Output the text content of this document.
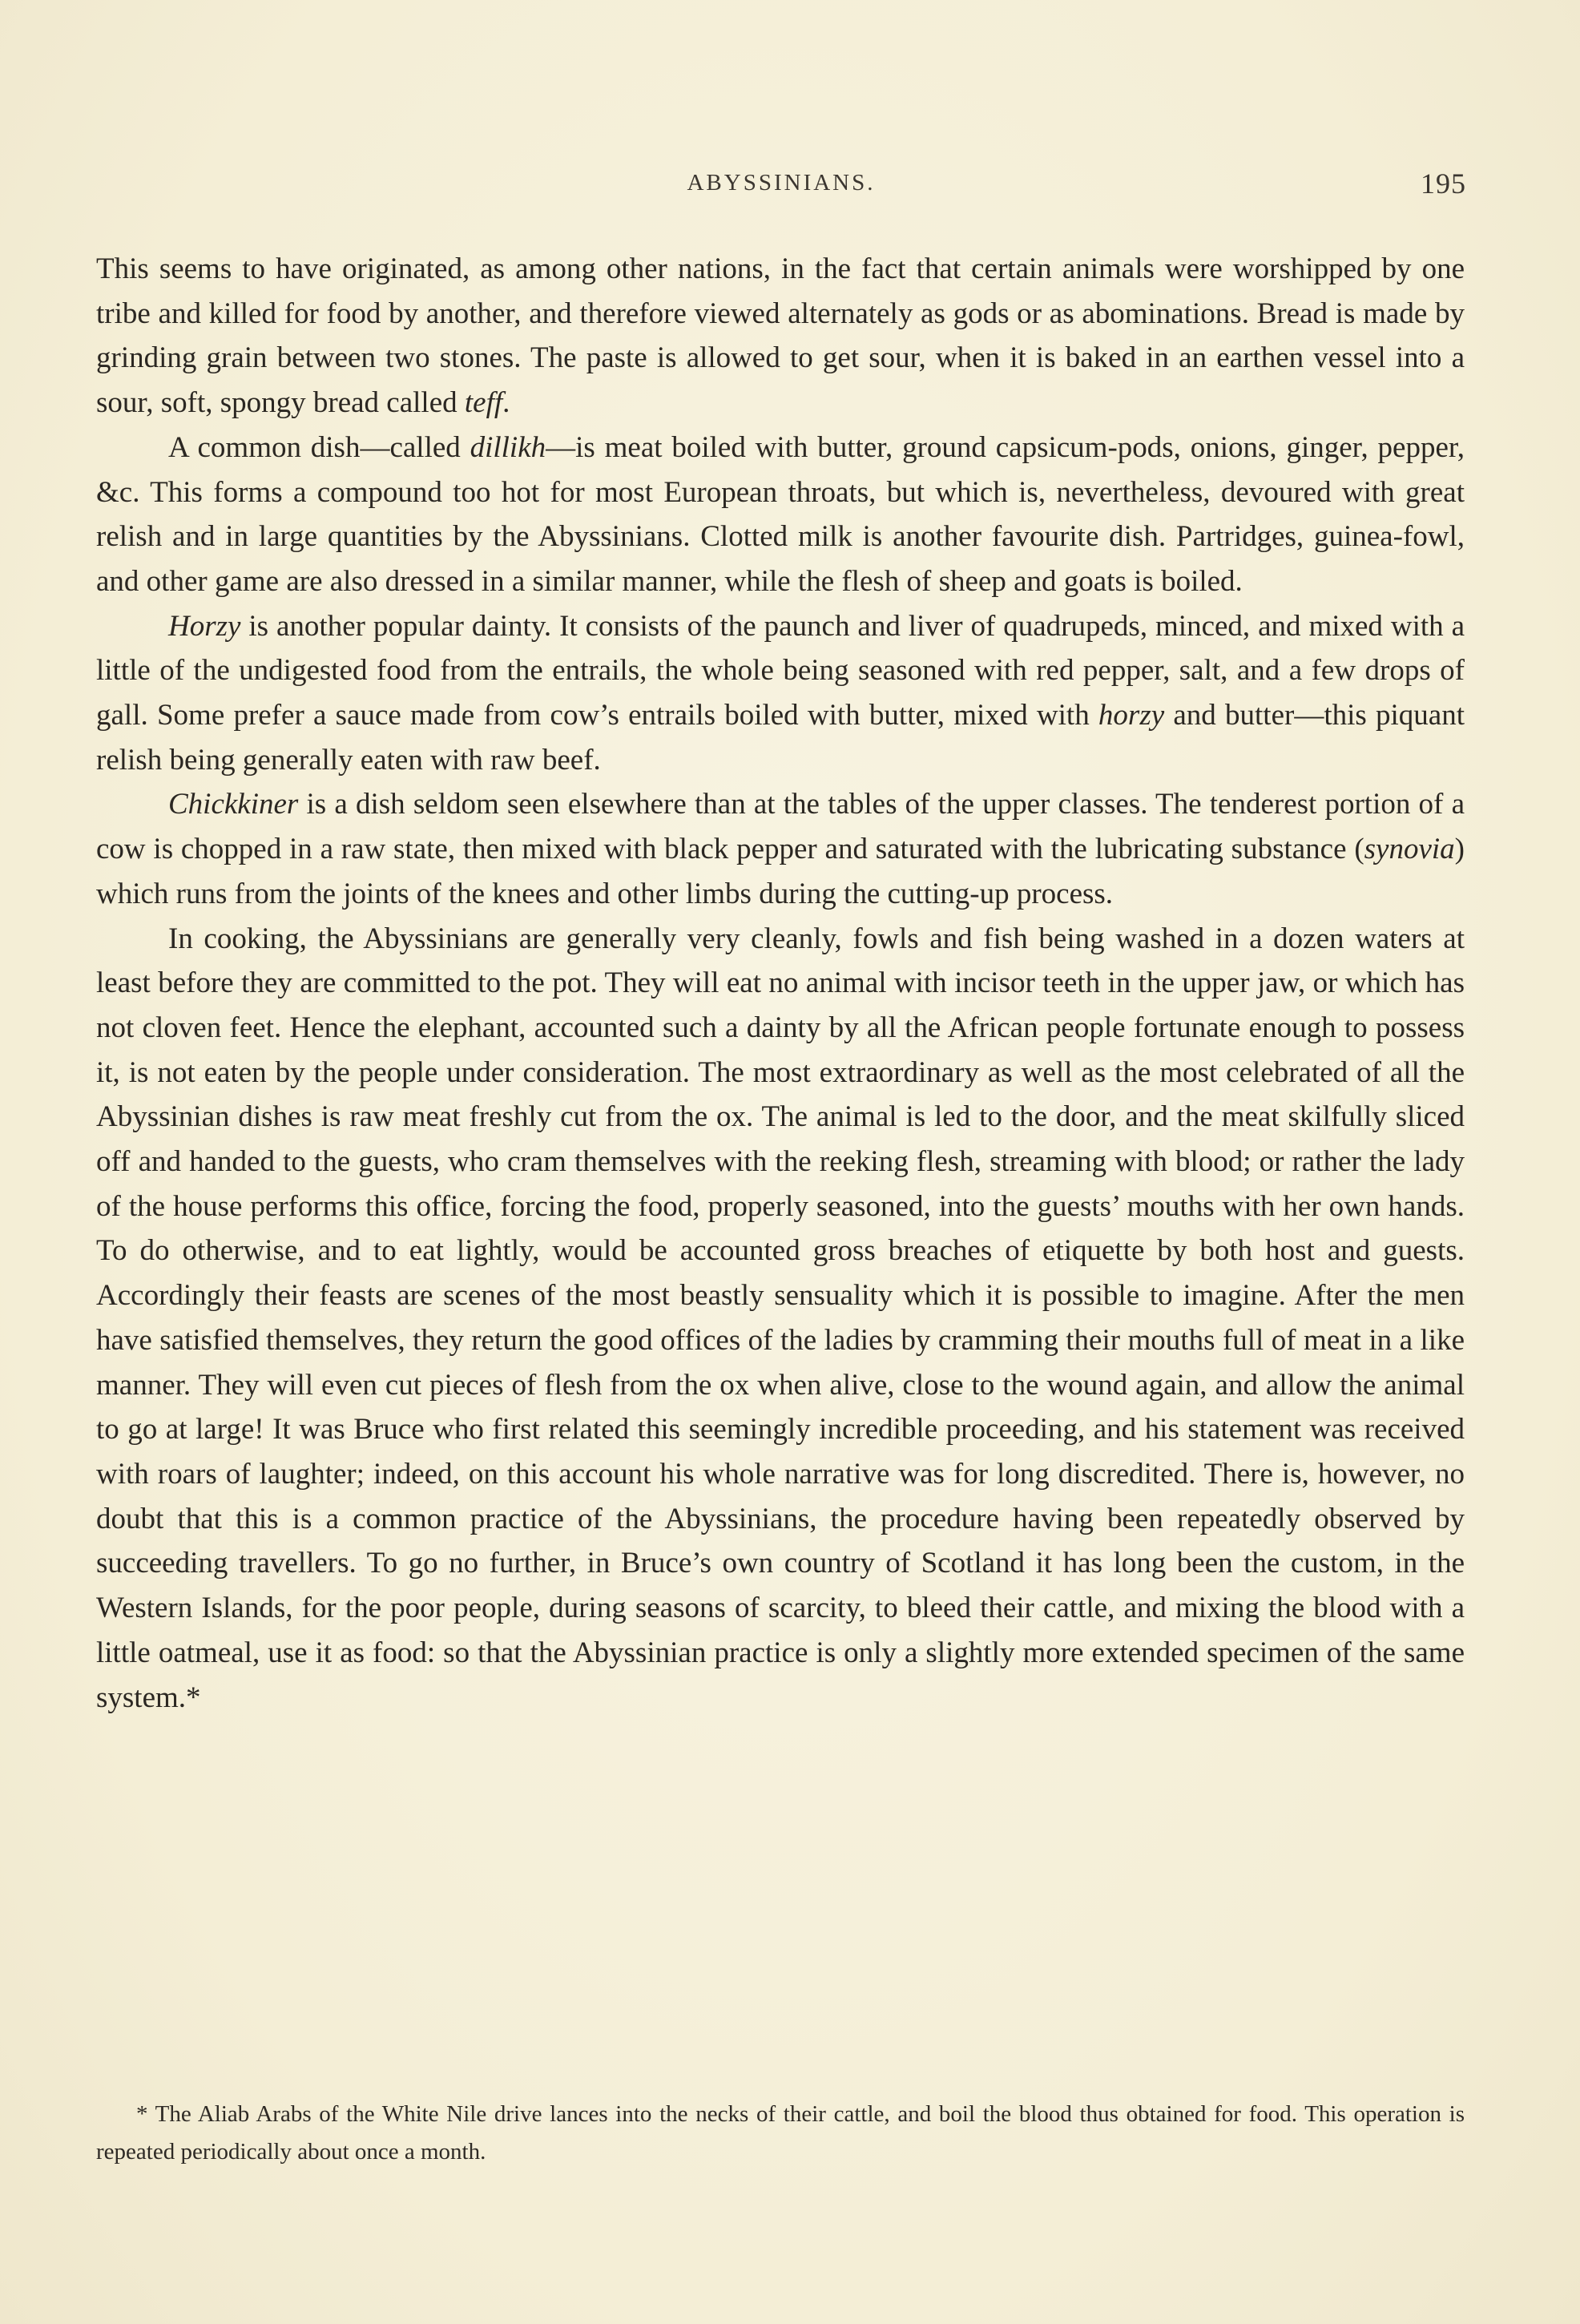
ABYSSINIANS.	195

This seems to have originated, as among other nations, in the fact that certain animals were worshipped by one tribe and killed for food by another, and therefore viewed alternately as gods or as abominations. Bread is made by grinding grain between two stones. The paste is allowed to get sour, when it is baked in an earthen vessel into a sour, soft, spongy bread called teff.

A common dish—called dillikh—is meat boiled with butter, ground capsicum-pods, onions, ginger, pepper, &c. This forms a compound too hot for most European throats, but which is, nevertheless, devoured with great relish and in large quantities by the Abyssinians. Clotted milk is another favourite dish. Partridges, guinea-fowl, and other game are also dressed in a similar manner, while the flesh of sheep and goats is boiled.

Horzy is another popular dainty. It consists of the paunch and liver of quadrupeds, minced, and mixed with a little of the undigested food from the entrails, the whole being seasoned with red pepper, salt, and a few drops of gall. Some prefer a sauce made from cow’s entrails boiled with butter, mixed with horzy and butter—this piquant relish being generally eaten with raw beef.

Chickkiner is a dish seldom seen elsewhere than at the tables of the upper classes. The tenderest portion of a cow is chopped in a raw state, then mixed with black pepper and saturated with the lubricating substance (synovia) which runs from the joints of the knees and other limbs during the cutting-up process.

In cooking, the Abyssinians are generally very cleanly, fowls and fish being washed in a dozen waters at least before they are committed to the pot. They will eat no animal with incisor teeth in the upper jaw, or which has not cloven feet. Hence the elephant, accounted such a dainty by all the African people fortunate enough to possess it, is not eaten by the people under consideration. The most extraordinary as well as the most celebrated of all the Abyssinian dishes is raw meat freshly cut from the ox. The animal is led to the door, and the meat skilfully sliced off and handed to the guests, who cram themselves with the reeking flesh, streaming with blood; or rather the lady of the house performs this office, forcing the food, properly seasoned, into the guests’ mouths with her own hands. To do otherwise, and to eat lightly, would be accounted gross breaches of etiquette by both host and guests. Accordingly their feasts are scenes of the most beastly sensuality which it is possible to imagine. After the men have satisfied themselves, they return the good offices of the ladies by cramming their mouths full of meat in a like manner. They will even cut pieces of flesh from the ox when alive, close to the wound again, and allow the animal to go at large! It was Bruce who first related this seemingly incredible proceeding, and his statement was received with roars of laughter; indeed, on this account his whole narrative was for long discredited. There is, however, no doubt that this is a common practice of the Abyssinians, the procedure having been repeatedly observed by succeeding travellers. To go no further, in Bruce’s own country of Scotland it has long been the custom, in the Western Islands, for the poor people, during seasons of scarcity, to bleed their cattle, and mixing the blood with a little oatmeal, use it as food: so that the Abyssinian practice is only a slightly more extended specimen of the same system.*

* The Aliab Arabs of the White Nile drive lances into the necks of their cattle, and boil the blood thus obtained for food. This operation is repeated periodically about once a month.
